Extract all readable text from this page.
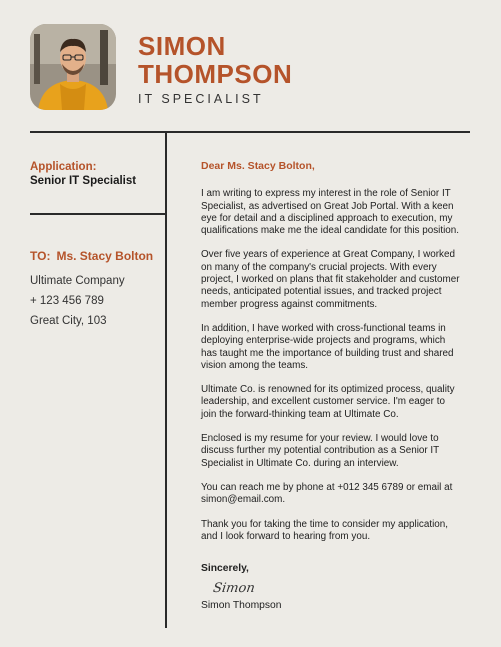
SIMON
THOMPSON
IT SPECIALIST
Application:
Senior IT Specialist
TO: Ms. Stacy Bolton
Ultimate Company
+ 123 456 789
Great City, 103

Dear Ms. Stacy Bolton,

I am writing to express my interest in the role of Senior IT Specialist, as advertised on Great Job Portal. With a keen eye for detail and a disciplined approach to execution, my qualifications make me the ideal candidate for this position.

Over five years of experience at Great Company, I worked on many of the company's crucial projects. With every project, I worked on plans that fit stakeholder and customer needs, anticipated potential issues, and tracked project member progress against commitments.

In addition, I have worked with cross-functional teams in deploying enterprise-wide projects and programs, which has taught me the importance of building trust and shared vision among the teams.

Ultimate Co. is renowned for its optimized process, quality leadership, and excellent customer service. I'm eager to join the forward-thinking team at Ultimate Co.

Enclosed is my resume for your review. I would love to discuss further my potential contribution as a Senior IT Specialist in Ultimate Co. during an interview.

You can reach me by phone at +012 345 6789 or email at simon@email.com.

Thank you for taking the time to consider my application, and I look forward to hearing from you.

Sincerely,
Simon
Simon Thompson
